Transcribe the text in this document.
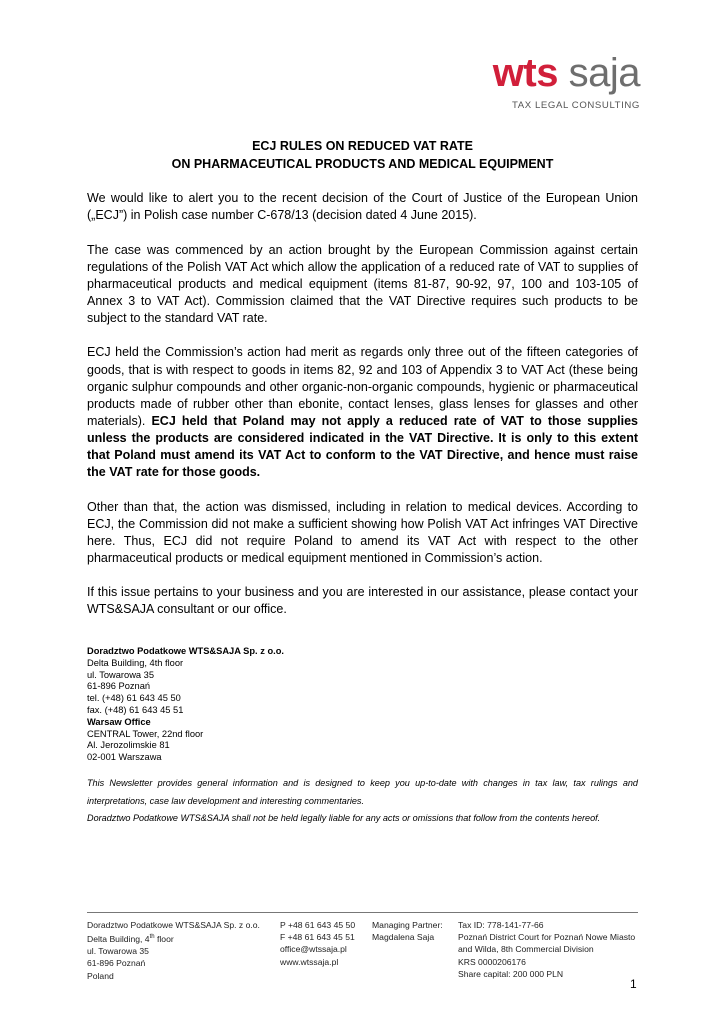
wts saja
TAX LEGAL CONSULTING
ECJ RULES ON REDUCED VAT RATE
ON PHARMACEUTICAL PRODUCTS AND MEDICAL EQUIPMENT

We would like to alert you to the recent decision of the Court of Justice of the European Union („ECJ”) in Polish case number C-678/13 (decision dated 4 June 2015).

The case was commenced by an action brought by the European Commission against certain regulations of the Polish VAT Act which allow the application of a reduced rate of VAT to supplies of pharmaceutical products and medical equipment (items 81-87, 90-92, 97, 100 and 103-105 of Annex 3 to VAT Act). Commission claimed that the VAT Directive requires such products to be subject to the standard VAT rate.

ECJ held the Commission’s action had merit as regards only three out of the fifteen categories of goods, that is with respect to goods in items 82, 92 and 103 of Appendix 3 to VAT Act (these being organic sulphur compounds and other organic-non-organic compounds, hygienic or pharmaceutical products made of rubber other than ebonite, contact lenses, glass lenses for glasses and other materials). ECJ held that Poland may not apply a reduced rate of VAT to those supplies unless the products are considered indicated in the VAT Directive. It is only to this extent that Poland must amend its VAT Act to conform to the VAT Directive, and hence must raise the VAT rate for those goods.

Other than that, the action was dismissed, including in relation to medical devices. According to ECJ, the Commission did not make a sufficient showing how Polish VAT Act infringes VAT Directive here. Thus, ECJ did not require Poland to amend its VAT Act with respect to the other pharmaceutical products or medical equipment mentioned in Commission’s action.

If this issue pertains to your business and you are interested in our assistance, please contact your WTS&SAJA consultant or our office.

Doradztwo Podatkowe WTS&SAJA Sp. z o.o.
Delta Building, 4th floor
ul. Towarowa 35
61-896 Poznań
tel. (+48) 61 643 45 50
fax. (+48) 61 643 45 51
Warsaw Office
CENTRAL Tower, 22nd floor
Al. Jerozolimskie 81
02-001 Warszawa
This Newsletter provides general information and is designed to keep you up-to-date with changes in tax law, tax rulings and interpretations, case law development and interesting commentaries.
Doradztwo Podatkowe WTS&SAJA shall not be held legally liable for any acts or omissions that follow from the contents hereof.
Doradztwo Podatkowe WTS&SAJA Sp. z o.o.
Delta Building, 4th floor
ul. Towarowa 35
61-896 Poznań
Poland
P +48 61 643 45 50
F +48 61 643 45 51
office@wtssaja.pl
www.wtssaja.pl
Managing Partner:
Magdalena Saja
Tax ID: 778-141-77-66
Poznań District Court for Poznań Nowe Miasto
and Wilda, 8th Commercial Division
KRS 0000206176
Share capital: 200 000 PLN
1
